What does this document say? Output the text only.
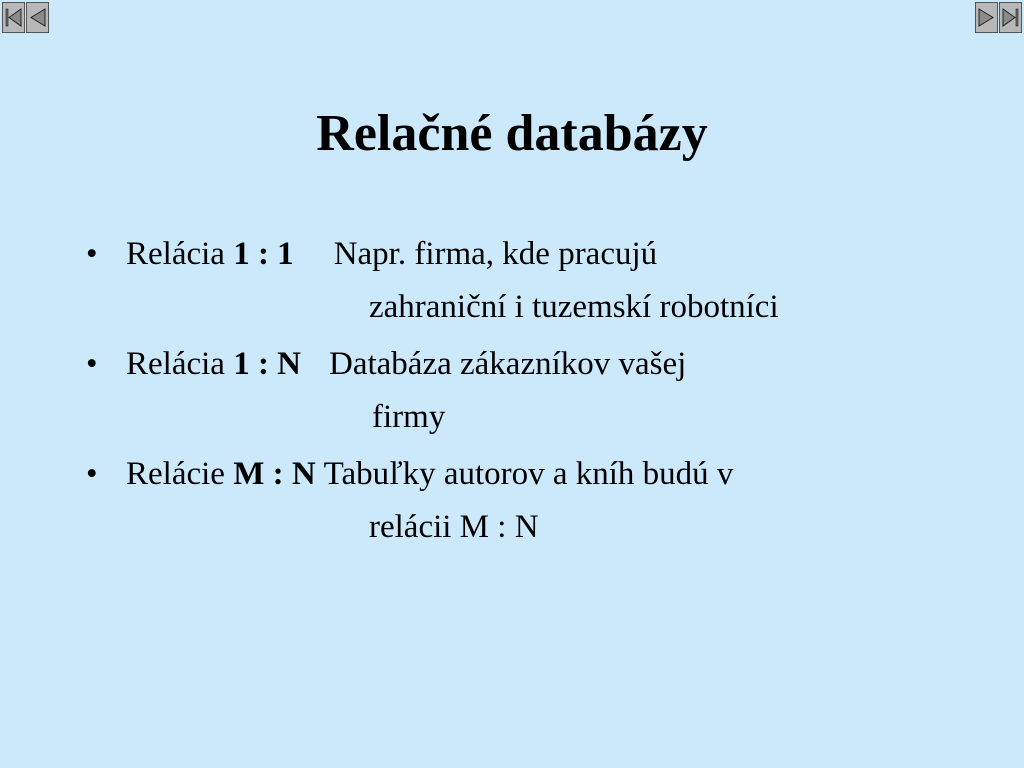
Relačné databázy
• Relácia 1 : 1 Napr. firma, kde pracujú
zahraniční i tuzemskí robotníci
• Relácia 1 : N Databáza zákazníkov vašej
firmy
• Relácie M : N Tabuľky autorov a kníh budú v
relácii M : N
